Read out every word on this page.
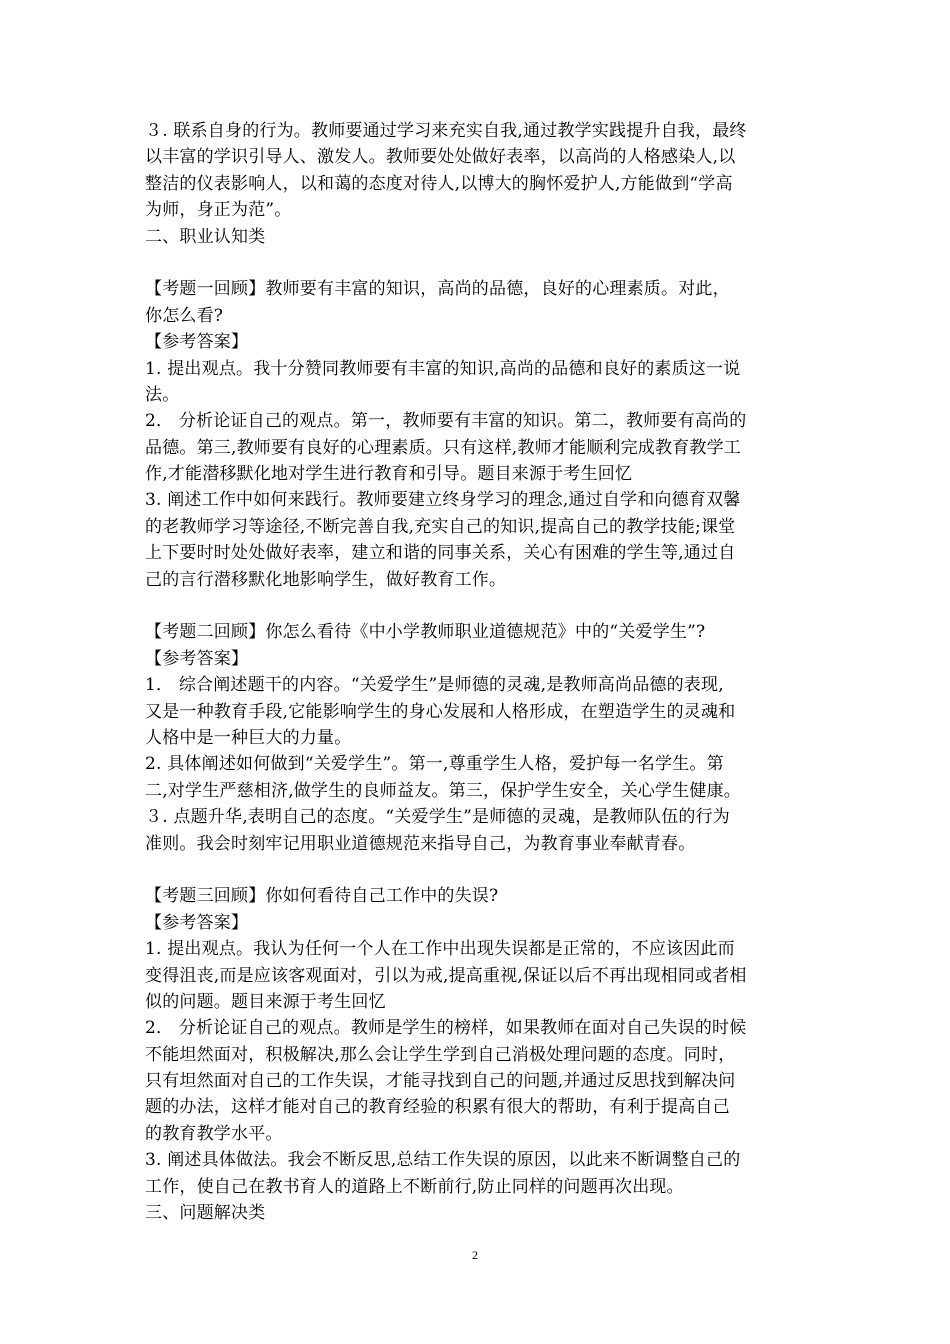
３. 联系自身的行为。教师要通过学习来充实自我,通过教学实践提升自我，最终
以丰富的学识引导人、激发人。教师要处处做好表率，以高尚的人格感染人,以
整洁的仪表影响人，以和蔼的态度对待人,以博大的胸怀爱护人,方能做到“学高
为师，身正为范”。
二、职业认知类
【考题一回顾】教师要有丰富的知识，高尚的品德，良好的心理素质。对此，
你怎么看?
【参考答案】
1. 提出观点。我十分赞同教师要有丰富的知识,高尚的品德和良好的素质这一说
法。
2． 分析论证自己的观点。第一，教师要有丰富的知识。第二，教师要有高尚的
品德。第三,教师要有良好的心理素质。只有这样,教师才能顺利完成教育教学工
作,才能潜移默化地对学生进行教育和引导。题目来源于考生回忆
3. 阐述工作中如何来践行。教师要建立终身学习的理念,通过自学和向德育双馨
的老教师学习等途径,不断完善自我,充实自己的知识,提高自己的教学技能;课堂
上下要时时处处做好表率，建立和谐的同事关系，关心有困难的学生等,通过自
己的言行潜移默化地影响学生，做好教育工作。
【考题二回顾】你怎么看待《中小学教师职业道德规范》中的“关爱学生”?
【参考答案】
1． 综合阐述题干的内容。“关爱学生”是师德的灵魂,是教师高尚品德的表现,
又是一种教育手段,它能影响学生的身心发展和人格形成，在塑造学生的灵魂和
人格中是一种巨大的力量。
2. 具体阐述如何做到“关爱学生”。第一,尊重学生人格，爱护每一名学生。第
二,对学生严慈相济,做学生的良师益友。第三，保护学生安全，关心学生健康。
３. 点题升华,表明自己的态度。“关爱学生”是师德的灵魂，是教师队伍的行为
准则。我会时刻牢记用职业道德规范来指导自己，为教育事业奉献青春。
【考题三回顾】你如何看待自己工作中的失误?
【参考答案】
1. 提出观点。我认为任何一个人在工作中出现失误都是正常的，不应该因此而
变得沮丧,而是应该客观面对，引以为戒,提高重视,保证以后不再出现相同或者相
似的问题。题目来源于考生回忆
2． 分析论证自己的观点。教师是学生的榜样，如果教师在面对自己失误的时候
不能坦然面对，积极解决,那么会让学生学到自己消极处理问题的态度。同时，
只有坦然面对自己的工作失误，才能寻找到自己的问题,并通过反思找到解决问
题的办法，这样才能对自己的教育经验的积累有很大的帮助，有利于提高自己
的教育教学水平。
3. 阐述具体做法。我会不断反思,总结工作失误的原因，以此来不断调整自己的
工作，使自己在教书育人的道路上不断前行,防止同样的问题再次出现。
三、问题解决类
2
